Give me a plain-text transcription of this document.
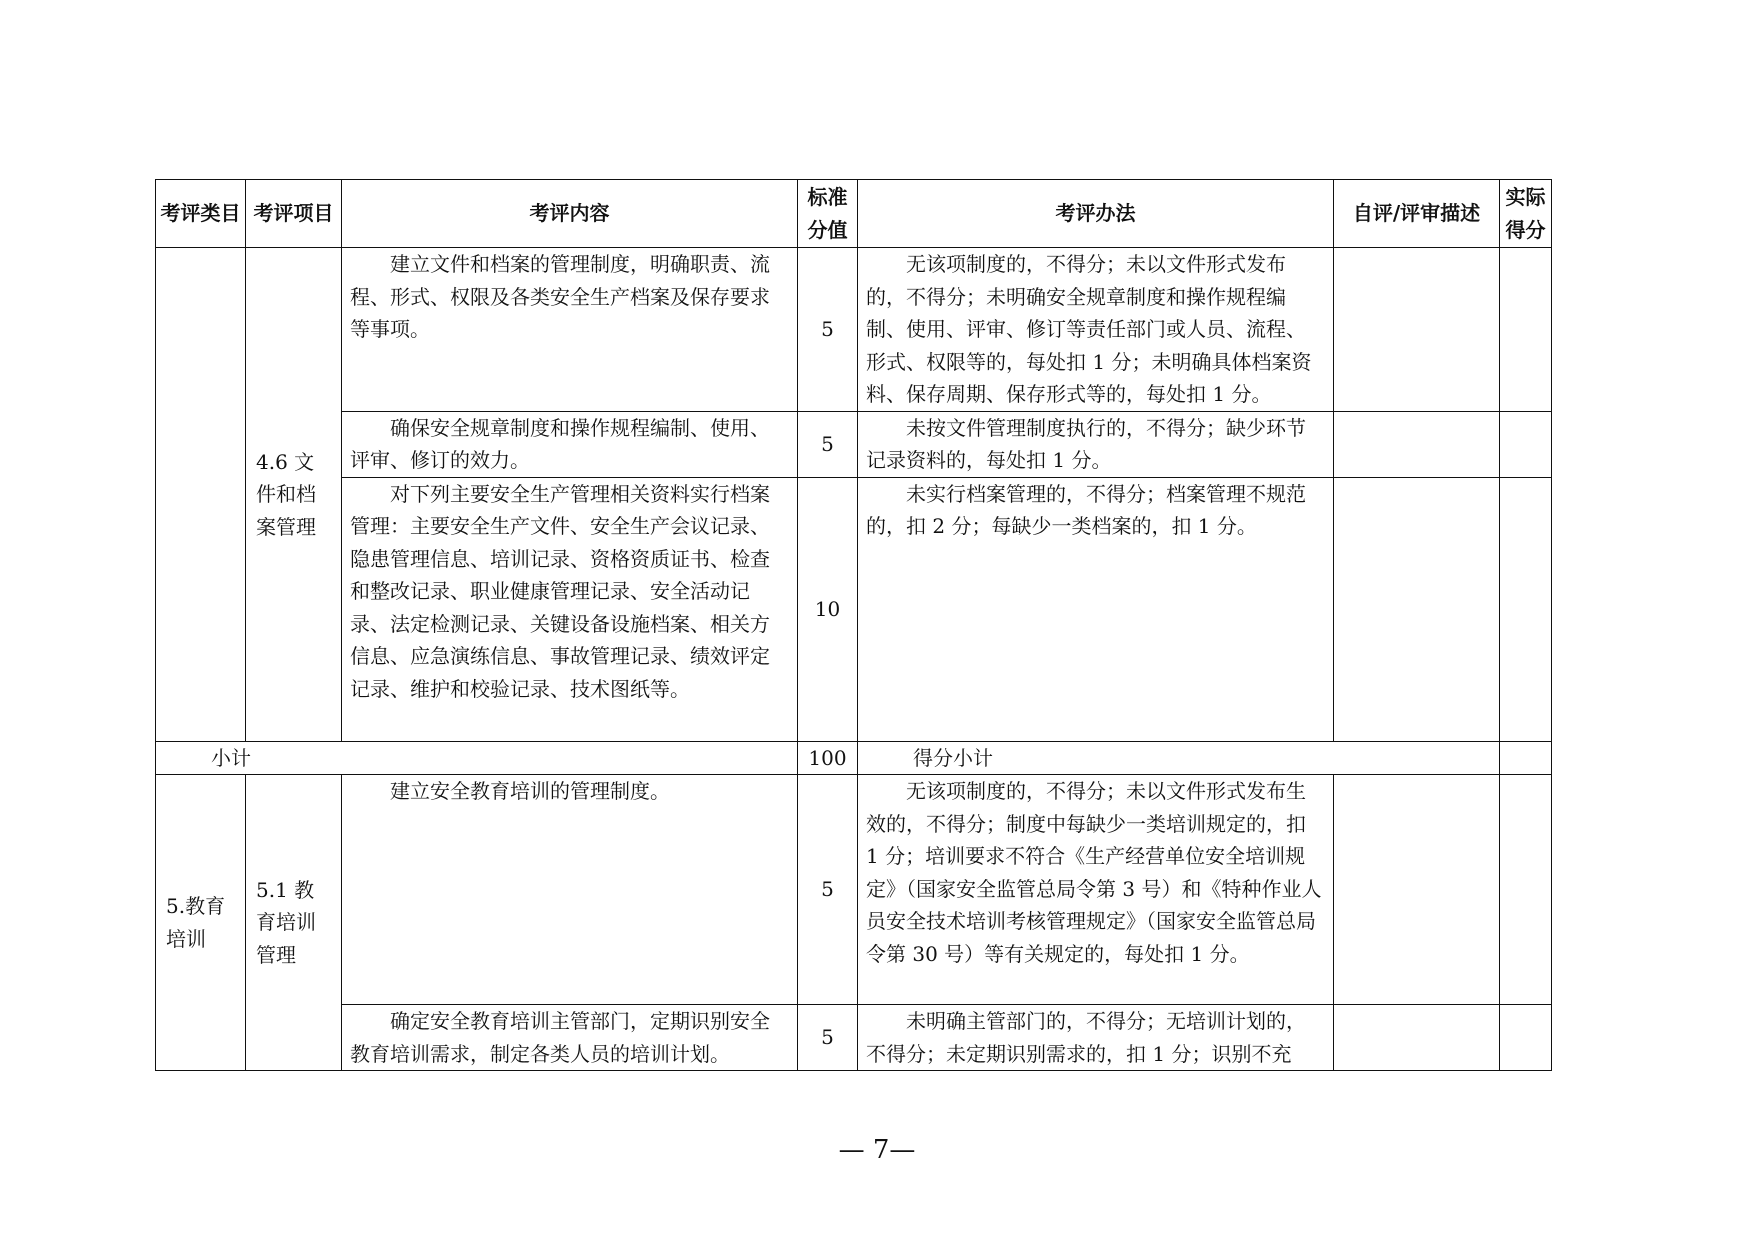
考评类目	考评项目	考评内容	标准分值	考评办法	自评/评审描述	实际得分
	4.6 文件和档案管理	建立文件和档案的管理制度，明确职责、流程、形式、权限及各类安全生产档案及保存要求等事项。	5	无该项制度的，不得分；未以文件形式发布的，不得分；未明确安全规章制度和操作规程编制、使用、评审、修订等责任部门或人员、流程、形式、权限等的，每处扣 1 分；未明确具体档案资料、保存周期、保存形式等的，每处扣 1 分。		
		确保安全规章制度和操作规程编制、使用、评审、修订的效力。	5	未按文件管理制度执行的，不得分；缺少环节记录资料的，每处扣 1 分。		
		对下列主要安全生产管理相关资料实行档案管理：主要安全生产文件、安全生产会议记录、隐患管理信息、培训记录、资格资质证书、检查和整改记录、职业健康管理记录、安全活动记录、法定检测记录、关键设备设施档案、相关方信息、应急演练信息、事故管理记录、绩效评定记录、维护和校验记录、技术图纸等。	10	未实行档案管理的，不得分；档案管理不规范的，扣 2 分；每缺少一类档案的，扣 1 分。		
小计			100	得分小计		
5.教育培训	5.1 教育培训管理	建立安全教育培训的管理制度。	5	无该项制度的，不得分；未以文件形式发布生效的，不得分；制度中每缺少一类培训规定的，扣 1 分；培训要求不符合《生产经营单位安全培训规定》（国家安全监管总局令第 3 号）和《特种作业人员安全技术培训考核管理规定》（国家安全监管总局令第 30 号）等有关规定的，每处扣 1 分。		
		确定安全教育培训主管部门，定期识别安全教育培训需求，制定各类人员的培训计划。	5	未明确主管部门的，不得分；无培训计划的，不得分；未定期识别需求的，扣 1 分；识别不充		
— 7—
